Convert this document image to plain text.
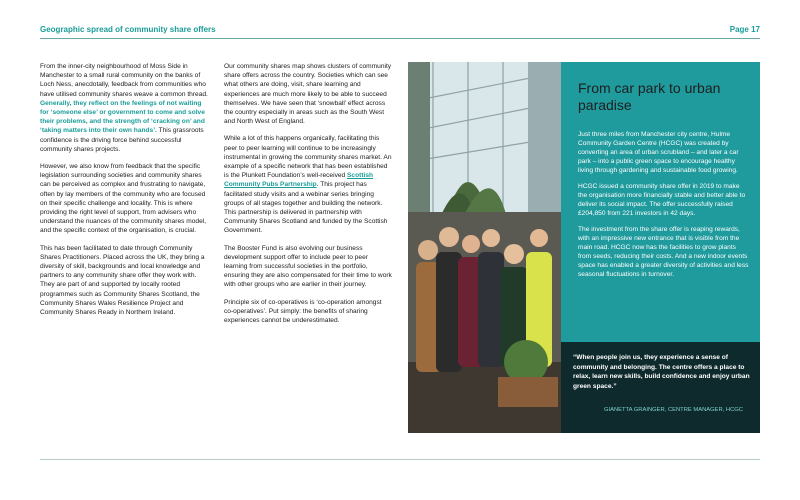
Geographic spread of community share offers	Page 17

From the inner-city neighbourhood of Moss Side in Manchester to a small rural community on the banks of Loch Ness, anecdotally, feedback from communities who have utilised community shares weave a common thread. Generally, they reflect on the feelings of not waiting for ‘someone else’ or government to come and solve their problems, and the strength of ‘cracking on’ and ‘taking matters into their own hands’. This grassroots confidence is the driving force behind successful community shares projects.

However, we also know from feedback that the specific legislation surrounding societies and community shares can be perceived as complex and frustrating to navigate, often by lay members of the community who are focused on their specific challenge and locality. This is where providing the right level of support, from advisers who understand the nuances of the community shares model, and the specific context of the organisation, is crucial.

This has been facilitated to date through Community Shares Practitioners. Placed across the UK, they bring a diversity of skill, backgrounds and local knowledge and partners to any community share offer they work with. They are part of and supported by locally rooted programmes such as Community Shares Scotland, the Community Shares Wales Resilience Project and Community Shares Ready in Northern Ireland.

Our community shares map shows clusters of community share offers across the country. Societies which can see what others are doing, visit, share learning and experiences are much more likely to be able to succeed themselves. We have seen that ‘snowball’ effect across the country especially in areas such as the South West and North West of England.

While a lot of this happens organically, facilitating this peer to peer learning will continue to be increasingly instrumental in growing the community shares market. An example of a specific network that has been established is the Plunkett Foundation’s well-received Scottish Community Pubs Partnership. This project has facilitated study visits and a webinar series bringing groups of all stages together and building the network. This partnership is delivered in partnership with Community Shares Scotland and funded by the Scottish Government.

The Booster Fund is also evolving our business development support offer to include peer to peer learning from successful societies in the portfolio, ensuring they are also compensated for their time to work with other groups who are earlier in their journey.

Principle six of co-operatives is ‘co-operation amongst co-operatives’. Put simply: the benefits of sharing experiences cannot be underestimated.

From car park to urban paradise

Just three miles from Manchester city centre, Hulme Community Garden Centre (HCGC) was created by converting an area of urban scrubland – and later a car park – into a public green space to encourage healthy living through gardening and sustainable food growing.

HCGC issued a community share offer in 2019 to make the organisation more financially stable and better able to deliver its social impact. The offer successfully raised £204,850 from 221 investors in 42 days.

The investment from the share offer is reaping rewards, with an impressive new entrance that is visible from the main road. HCGC now has the facilities to grow plants from seeds, reducing their costs. And a new indoor events space has enabled a greater diversity of activities and less seasonal fluctuations in turnover.

“When people join us, they experience a sense of community and belonging. The centre offers a place to relax, learn new skills, build confidence and enjoy urban green space.”
GIANETTA GRAINGER, CENTRE MANAGER, HCGC
